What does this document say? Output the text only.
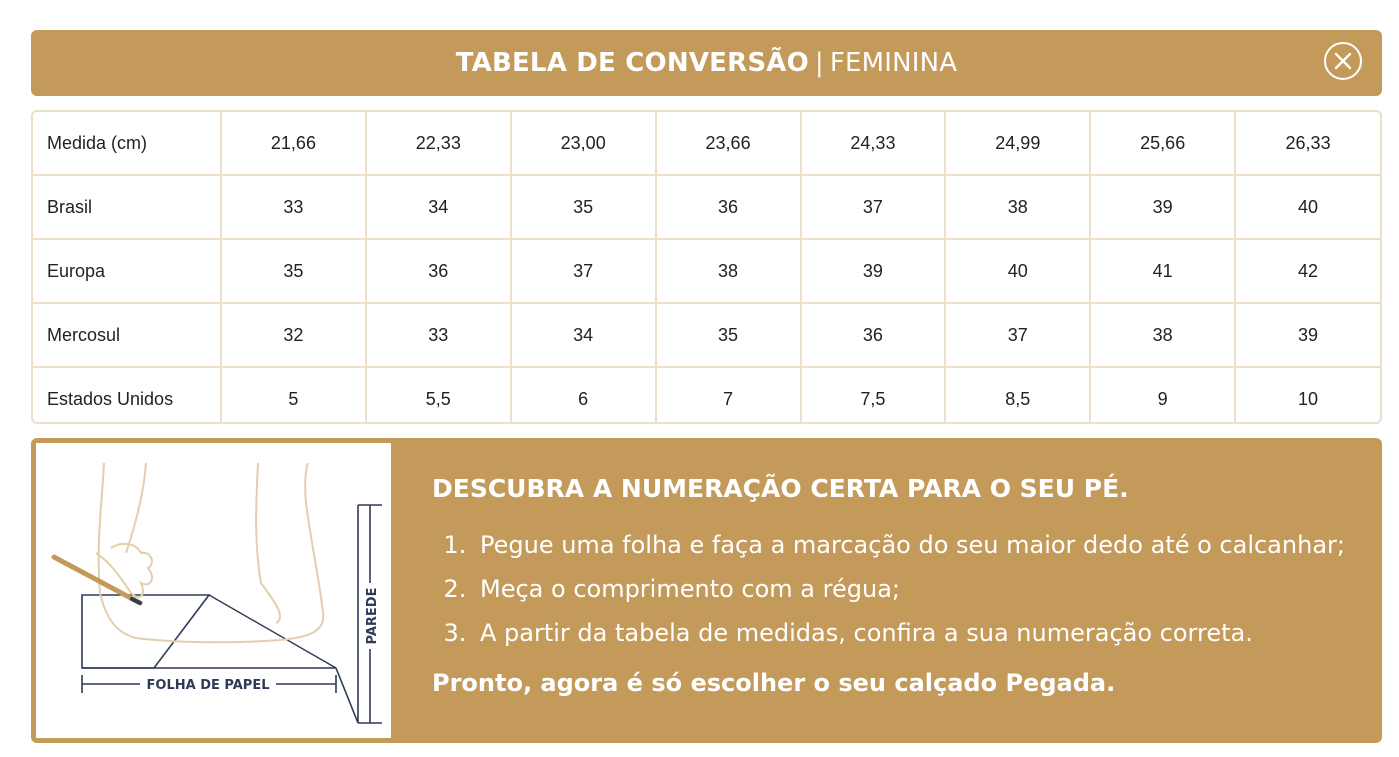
TABELA DE CONVERSÃO | FEMININA
Medida (cm)	21,66	22,33	23,00	23,66	24,33	24,99	25,66	26,33
Brasil	33	34	35	36	37	38	39	40
Europa	35	36	37	38	39	40	41	42
Mercosul	32	33	34	35	36	37	38	39
Estados Unidos	5	5,5	6	7	7,5	8,5	9	10
PAREDE
FOLHA DE PAPEL
DESCUBRA A NUMERAÇÃO CERTA PARA O SEU PÉ.
1. Pegue uma folha e faça a marcação do seu maior dedo até o calcanhar;
2. Meça o comprimento com a régua;
3. A partir da tabela de medidas, confira a sua numeração correta.
Pronto, agora é só escolher o seu calçado Pegada.
